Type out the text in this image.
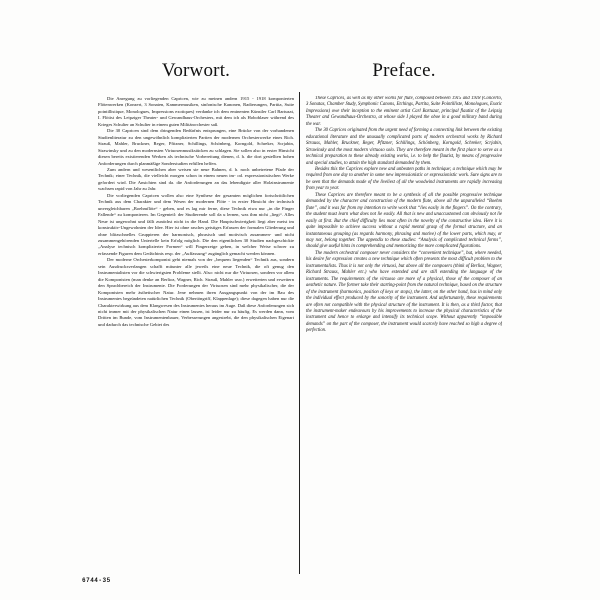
Vorwort.

Die Anregung zu vorliegenden Capricen, wie zu meinen andern 1915 - 1918 komponierten Flötenwerken (Konzert, 3 Sonaten, Kammermusiken, sinfonische Kanonen, Radierungen, Partita, Suite pointillistique, Monologues, Impressions exotiques) verdanke ich dem eminenten Künstler Carl Bartuzat, I. Flötist des Leipziger Theater- und Gewandhaus-Orchesters, mit dem ich als Hoboblaser während des Krieges Schulter an Schulter in einem guten Militärorchester saß.

Die 30 Capricen sind dem dringenden Bedürfnis entsprungen, eine Brücke von der vorhandenen Studienliteratur zu den ungewöhnlich komplizierten Partien der modernen Orchesterwerke eines Rich. Strauß, Mahler, Bruckner, Reger, Pfitzner, Schillings, Schönberg, Korngold, Schreker, Scrjabin, Strawinsky und zu den modernsten Virtuosenmusikstücken zu schlagen. Sie sollen also in erster Hinsicht diesen bereits existierenden Werken als technische Vorbereitung dienen, d. h. die dort gestellten hohen Anforderungen durch planmäßige Sonderstudien erfüllen helfen.

Zum andern und wesentlichen aber weisen sie neue Bahnen, d. h. noch unbetretene Pfade der Technik; einer Technik, die vielleicht morgen schon in einem neuen im- od. expressionistischen Werke gefordert wird. Die Ansichten sind da. die Anforderungen an das lebendigste aller Holzinstrumente wachsen rapid von Jahr zu Jahr.

Die vorliegenden Capricen wollen also eine Synthese der gesamten möglichen fortschrittlichen Technik aus dem Charakter und dem Wesen der modernen Flöte - in erster Hinsicht der technisch unvergleichbaren „Boehmflöte“ - geben, und es lag mir ferne, diese Technik etwa nur „in die Finger Fallende“ zu komponieren. Im Gegenteil: der Studierende soll da u lernen, was ihm nicht „liegt“. Alles Neue ist ungewohnt und fällt zunächst nicht in die Hand. Die Hauptschwierigkeit liegt aber meist im konstruktiv-Ungewohnten der Idee. Hier ist ohne rasches geistiges Erfassen der formalen Gliederung und ohne blitzschnelles Gruppieren der harmonisch, phrasisch und motivisch zusammen- und nicht zusammengehörenden Untertelle kein Erfolg möglich. Die den eigentlichen 30 Studien nachgeschickte „Analyse technisch komplizierter Formen“ will Fingerzeige geben, in welcher Weise schwer zu erfassende Figuren dem Gedächtnis resp. der „Auffassung“ zugänglich gemacht werden können.

Der moderne Orchesterkomponist geht niemals von der „bequem liegenden“ Technik aus, sondern sein Ausdrucksverlangen schafft mitunter alle jeweils eine neue Technik, die oft genug den Instrumentalisten vor die schwierigsten Probleme stellt. Also: nicht nur die Virtuosen, sondern vor allem die Komponisten (man denke an Berlioz, Wagner, Rich. Strauß, Mahler usw.) erweiterten und erweitern den Sprachbereich der Instrumente. Die Forderungen der Virtuosen sind mehr physikalischer, die der Komponisten mehr ästhetischer Natur. Jene nehmen ihren Ausgangspunkt von der im Bau des Instrumentes begründeten natürlichen Technik (Obertöngriff, Klappenlage); diese dagegen haben nur die Charakterwirkung aus dem Klangwesen des Instrumentes heraus im Auge. Daß diese Anforderungen sich nicht immer mit der physikalischen Natur einen lassen, ist leider nur zu häufig. Es werden dann, vom Dritten im Bunde, vom Instrumentenbauer, Verbesserungen angestrebt, die den physikalischen Eigenart und dadurch das technische Gebiet des

Preface.

These Caprices, as well as my other works for flute, composed between 1915 and 1918 (Concerto, 3 Sonatas, Chamber Study, Symphonic Canons, Etchings, Partita, Suite Pointilliste, Monologues, Exotic Impressions) owe their inception to the eminent artist Carl Bartuzat, principal flautist of the Leipzig Theater and Gewandhaus-Orchestra, at whose side I played the oboe in a good military band during the war.

The 30 Caprices originated from the urgent need of forming a connecting link between the existing educational literature and the unusually complicated parts of modern orchestral works by Richard Strauss, Mahler, Bruckner, Reger, Pfitzner, Schillings, Schönberg, Korngold, Schreker, Scrjabin, Strawinsky and the most modern virtuoso solo. They are therefore meant in the first place to serve as a technical preparation to these already existing works, i.e. to help the flautist, by means of progressive and special studies, to attain the high standard demanded by them.

Besides this the Caprices explore new and unbeaten paths in technique; a technique which may be required from one day to another in some new impressionistic or expressionistic work. Sure signs are to be seen that the demands made of the liveliest of all the woodwind instruments are rapidly increasing from year to year.

These Caprices are therefore meant to be a synthesis of all the possible progressive technique demanded by the character and construction of the modern flute, above all the unparalleled “Boehm flute”, and it was far from my intention to write work that “lies easily in the fingers”. On the contrary, the student must learn what does not lie easily. All that is new and unaccustomed can obviously not lie easily at first. But the chief difficulty lies most often in the novelty of the constructive idea. Here it is quite impossible to achieve success without a rapid mental grasp of the formal structure, and an instantaneous grouping (as regards harmony, phrasing and motive) of the lower parts, which may, or may not, belong together. The appendix to these studies: “Analysis of complicated technical forms”, should give useful hints in comprehending and memorizing the more complicated figurations.

The modern orchestral composer never considers the “convenient technique”, but, where needed, his desire for expression creates a new technique which often presents the most difficult problem to the instrumentalists. Thus it is not only the virtuosi, but above all the composers (think of Berlioz, Wagner, Richard Strauss, Mahler etc.) who have extended and are still extending the language of the instruments. The requirements of the virtuoso are more of a physical, those of the composer of an aesthetic nature. The former take their starting-point from the natural technique, based on the structure of the instrument (harmonics, position of keys or stops), the latter, on the other hand, has in mind only the individual effect produced by the sonority of the instrument. And unfortunately, these requirements are often not compatible with the physical structure of the instrument. It is then, as a third factor, that the instrument-maker endeavours by his improvements to increase the physical characteristics of the instrument and hence to enlarge and intensify its technical scope. Without apparently “impossible demands” on the part of the composer, the instrument would scarcely have reached so high a degree of perfection.

6744-35
